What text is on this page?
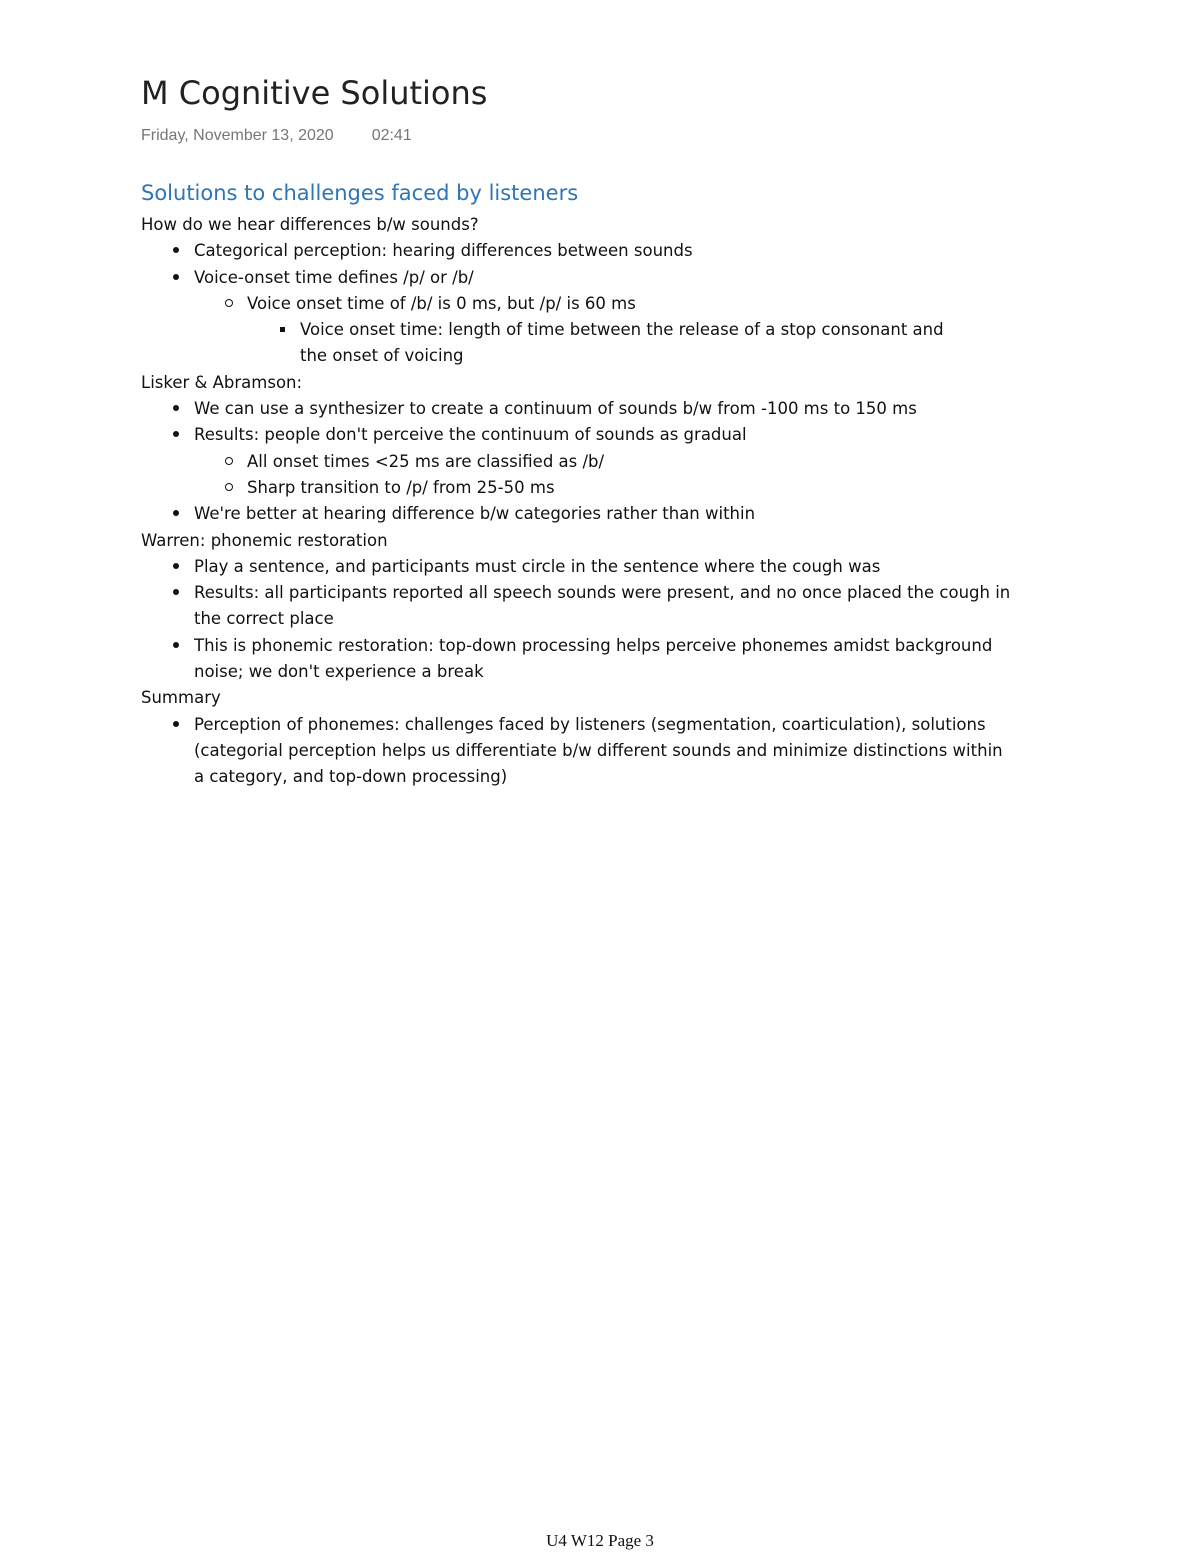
M Cognitive Solutions
Friday, November 13, 2020 02:41
Solutions to challenges faced by listeners

How do we hear differences b/w sounds?

Categorical perception: hearing differences between sounds
Voice-onset time defines /p/ or /b/
Voice onset time of /b/ is 0 ms, but /p/ is 60 ms
Voice onset time: length of time between the release of a stop consonant and
the onset of voicing

Lisker & Abramson:

We can use a synthesizer to create a continuum of sounds b/w from -100 ms to 150 ms
Results: people don't perceive the continuum of sounds as gradual
All onset times <25 ms are classified as /b/
Sharp transition to /p/ from 25-50 ms
We're better at hearing difference b/w categories rather than within

Warren: phonemic restoration

Play a sentence, and participants must circle in the sentence where the cough was
Results: all participants reported all speech sounds were present, and no once placed the cough in
the correct place
This is phonemic restoration: top-down processing helps perceive phonemes amidst background
noise; we don't experience a break

Summary

Perception of phonemes: challenges faced by listeners (segmentation, coarticulation), solutions
(categorial perception helps us differentiate b/w different sounds and minimize distinctions within
a category, and top-down processing)
U4 W12 Page 3
